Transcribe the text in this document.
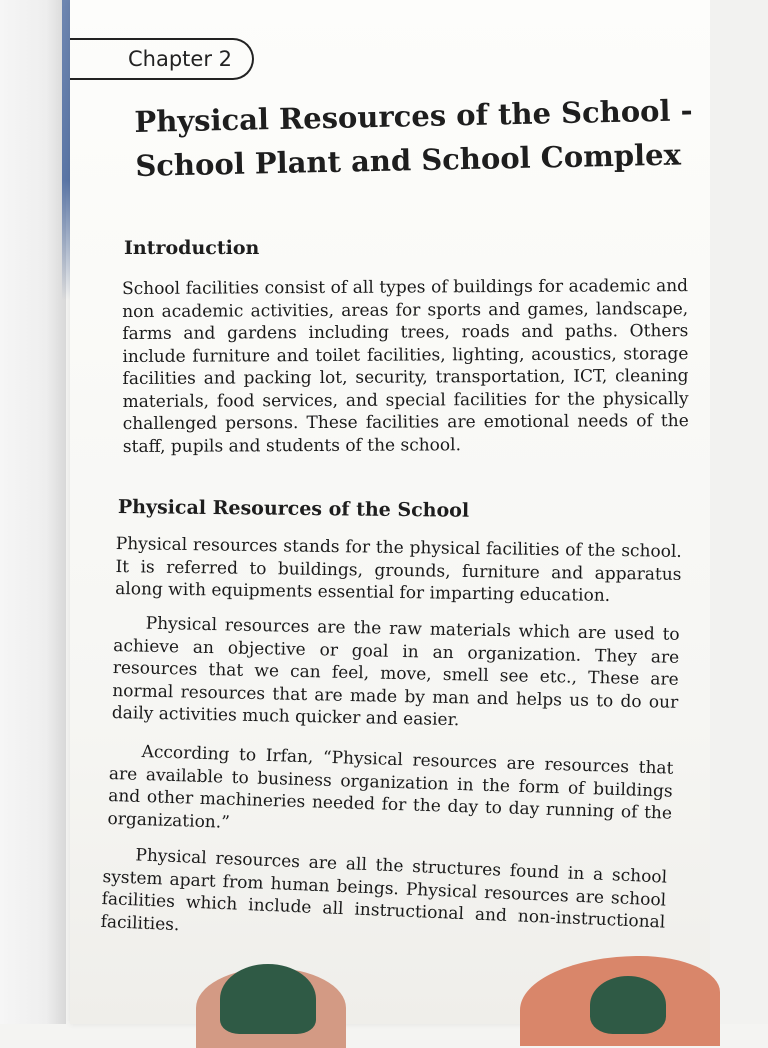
Chapter 2
Physical Resources of the School -
School Plant and School Complex
Introduction

School facilities consist of all types of buildings for academic and non academic activities, areas for sports and games, landscape, farms and gardens including trees, roads and paths. Others include furniture and toilet facilities, lighting, acoustics, storage facilities and packing lot, security, transportation, ICT, cleaning materials, food services, and special facilities for the physically challenged persons. These facilities are emotional needs of the staff, pupils and students of the school.

Physical Resources of the School

Physical resources stands for the physical facilities of the school. It is referred to buildings, grounds, furniture and apparatus along with equipments essential for imparting education.

Physical resources are the raw materials which are used to achieve an objective or goal in an organization. They are resources that we can feel, move, smell see etc., These are normal resources that are made by man and helps us to do our daily activities much quicker and easier.

According to Irfan, “Physical resources are resources that are available to business organization in the form of buildings and other machineries needed for the day to day running of the organization.”

Physical resources are all the structures found in a school system apart from human beings. Physical resources are school facilities which include all instructional and non-instructional facilities.
